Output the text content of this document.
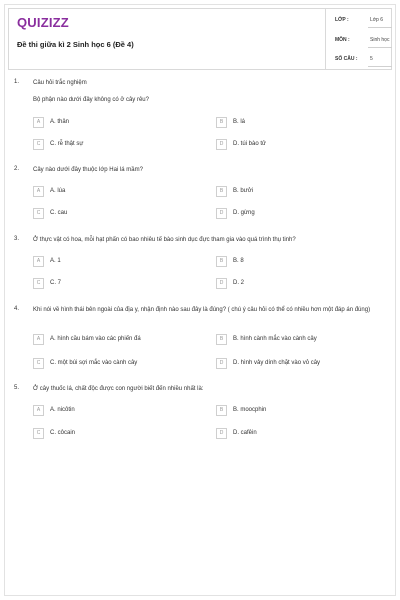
QUIZIZZ
Đề thi giữa kì 2 Sinh học 6 (Đề 4)
LỚP :	Lớp 6
MÔN :	Sinh học
SỐ CÂU :	5
1. Câu hỏi trắc nghiệm
Bộ phận nào dưới đây không có ở cây rêu?
A	A. thân	B	B. lá
C	C. rễ thật sự	D	D. túi bào tử
2. Cây nào dưới đây thuộc lớp Hai lá mầm?
A	A. lúa	B	B. bưởi
C	C. cau	D	D. gừng
3. Ở thực vật có hoa, mỗi hạt phấn có bao nhiêu tế bào sinh dục đực tham gia vào quá trình thụ tinh?
A	A. 1	B	B. 8
C	C. 7	D	D. 2
4. Khi nói về hình thái bên ngoài của địa y, nhận định nào sau đây là đúng? ( chú ý câu hỏi có thể có nhiều hơn một đáp án đúng)
A	A. hình cầu bám vào các phiến đá	B	B. hình cành mắc vào cành cây
C	C. một búi sợi mắc vào cành cây	D	D. hình vảy dính chặt vào vỏ cây
5. Ở cây thuốc lá, chất độc được con người biết đến nhiều nhất là:
A	A. nicôtin	B	B. moocphin
C	C. côcain	D	D. cafêin
